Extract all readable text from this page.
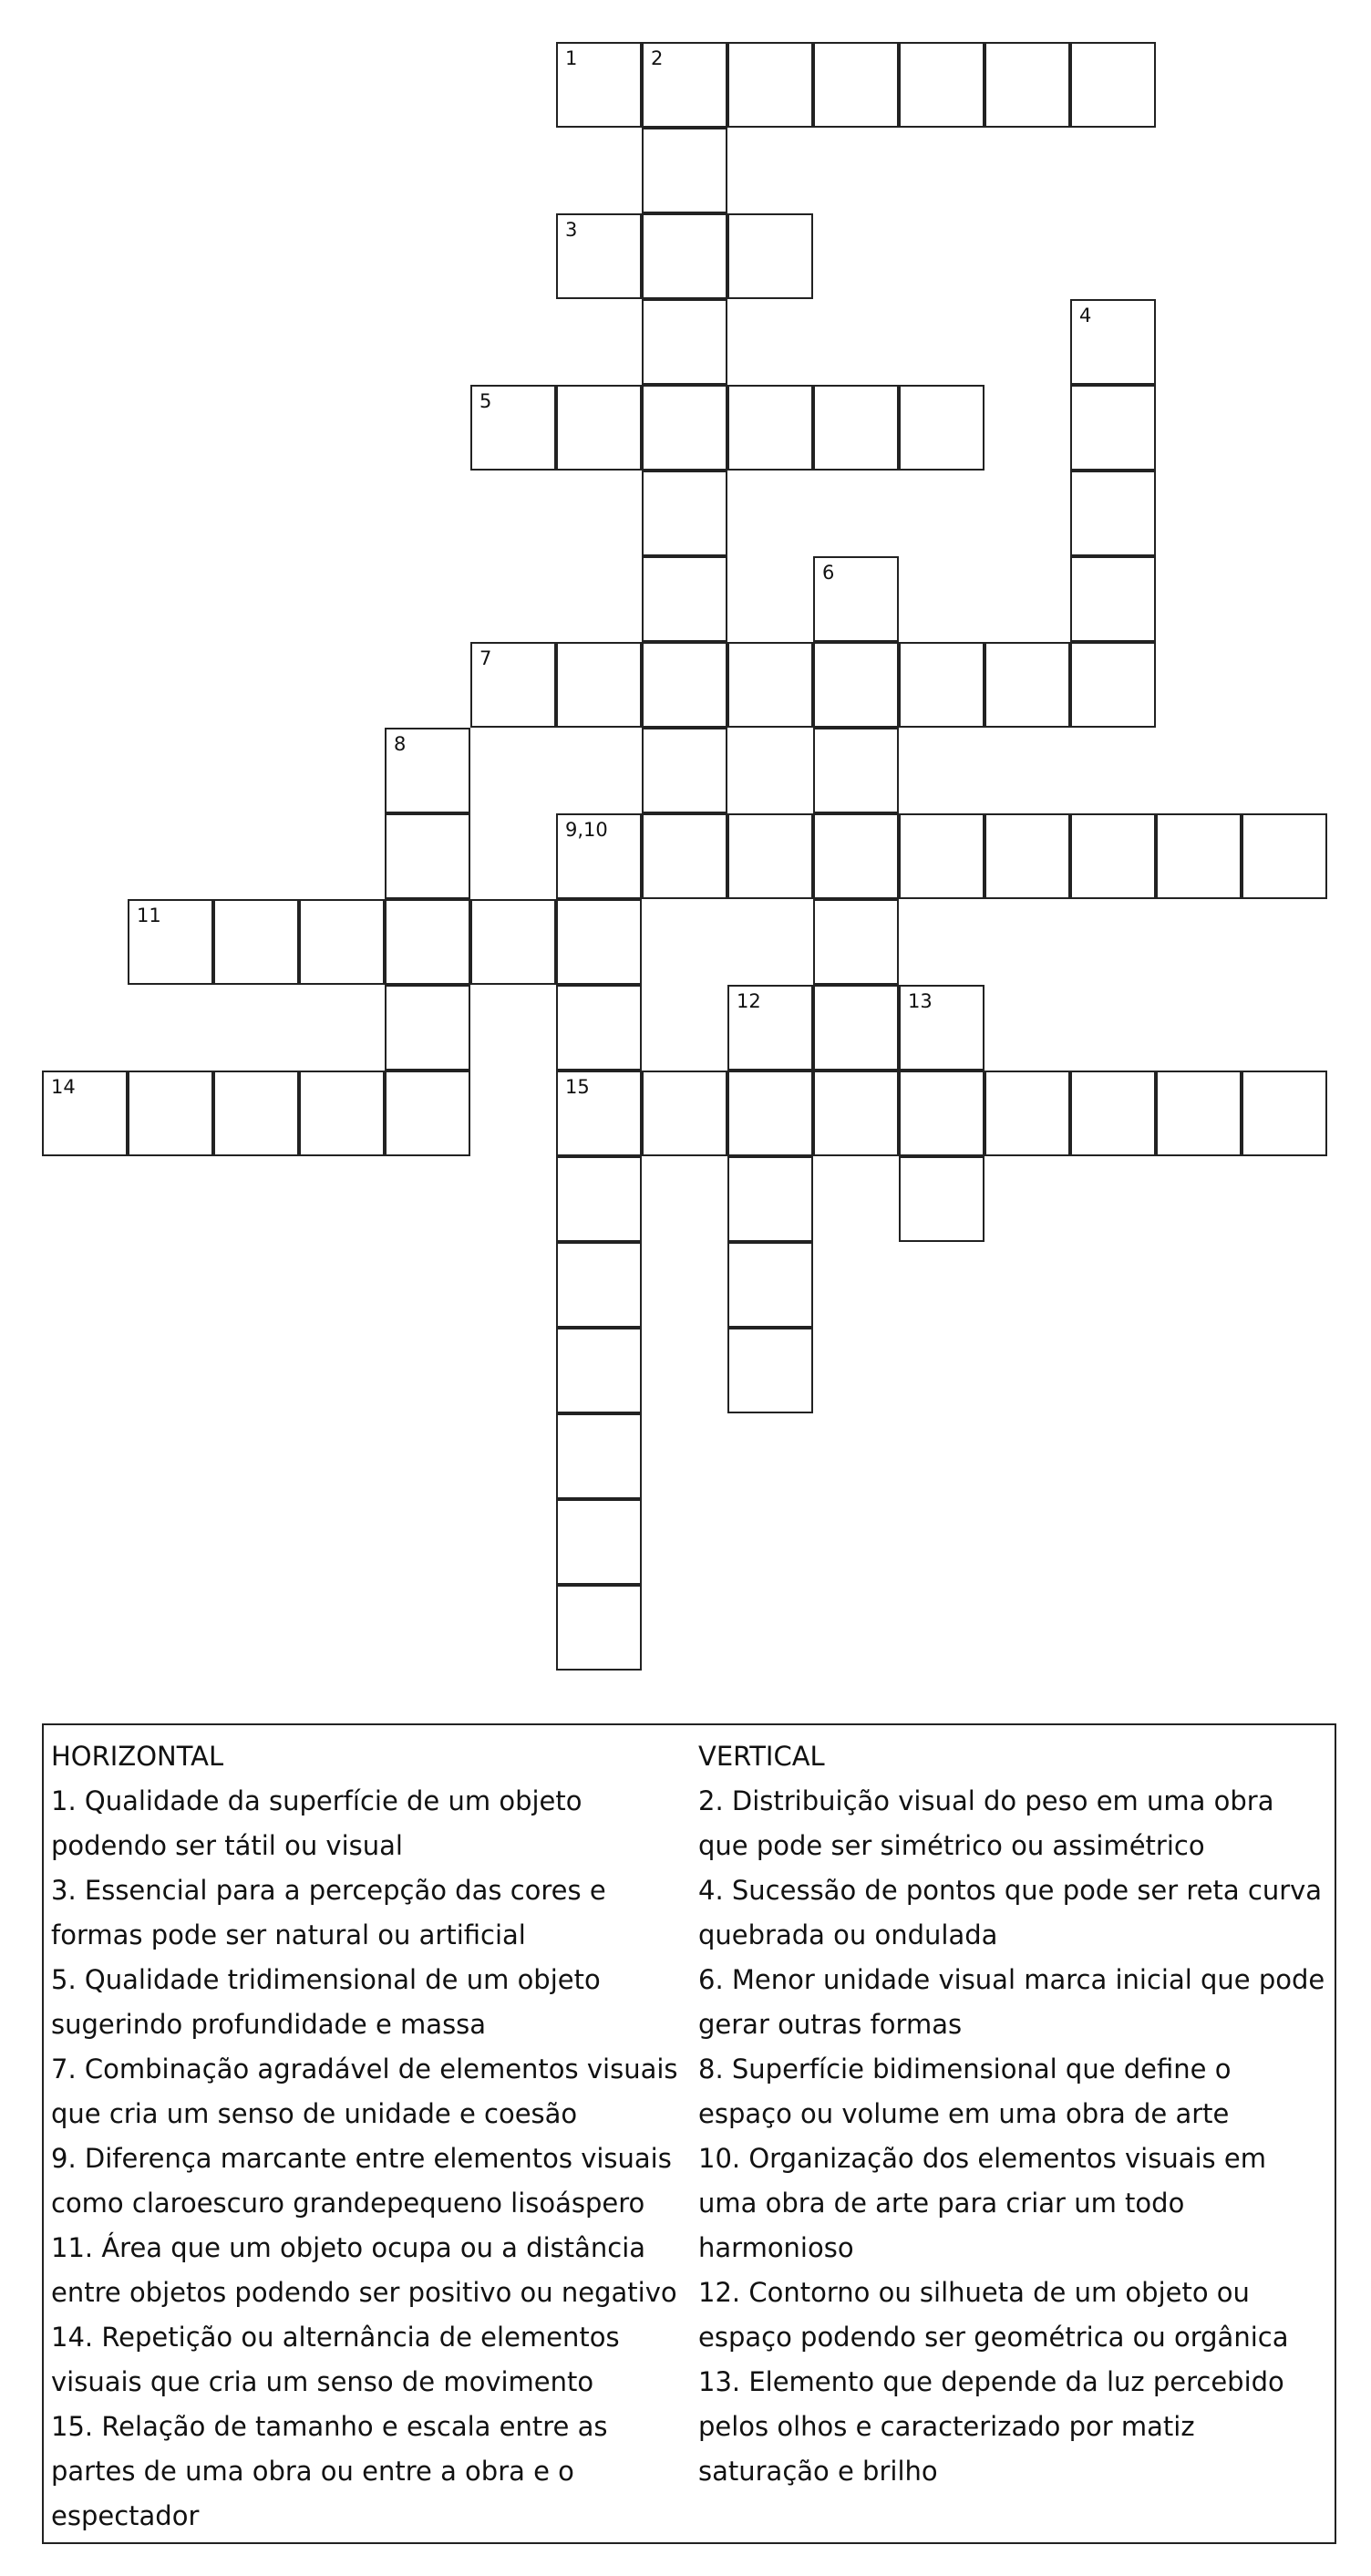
1	2
3
4
5
6
7
8
9,10
11
12	13
14	15
HORIZONTAL
1. Qualidade da superfície de um objeto podendo ser tátil ou visual
3. Essencial para a percepção das cores e formas pode ser natural ou artificial
5. Qualidade tridimensional de um objeto sugerindo profundidade e massa
7. Combinação agradável de elementos visuais que cria um senso de unidade e coesão
9. Diferença marcante entre elementos visuais como claroescuro grandepequeno lisoáspero
11. Área que um objeto ocupa ou a distância entre objetos podendo ser positivo ou negativo
14. Repetição ou alternância de elementos visuais que cria um senso de movimento
15. Relação de tamanho e escala entre as partes de uma obra ou entre a obra e o espectador
VERTICAL
2. Distribuição visual do peso em uma obra que pode ser simétrico ou assimétrico
4. Sucessão de pontos que pode ser reta curva quebrada ou ondulada
6. Menor unidade visual marca inicial que pode gerar outras formas
8. Superfície bidimensional que define o espaço ou volume em uma obra de arte
10. Organização dos elementos visuais em uma obra de arte para criar um todo harmonioso
12. Contorno ou silhueta de um objeto ou espaço podendo ser geométrica ou orgânica
13. Elemento que depende da luz percebido pelos olhos e caracterizado por matiz saturação e brilho
